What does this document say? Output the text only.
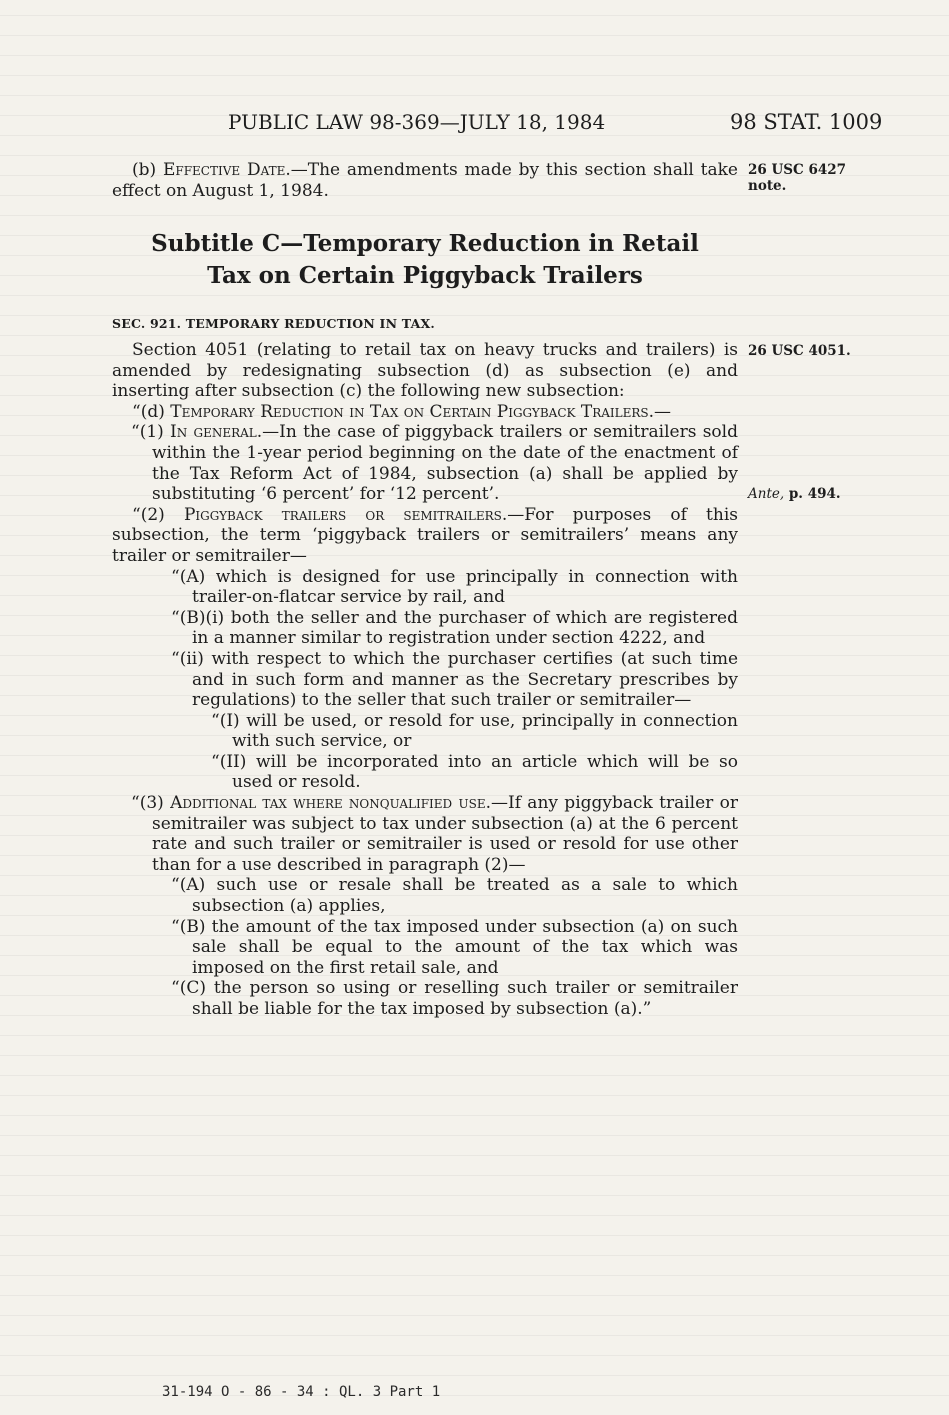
PUBLIC LAW 98-369—JULY 18, 1984	98 STAT. 1009

(b) Effective Date.—The amendments made by this section shall take effect on August 1, 1984.

26 USC 6427 note.
Subtitle C—Temporary Reduction in Retail
Tax on Certain Piggyback Trailers
SEC. 921. TEMPORARY REDUCTION IN TAX.
26 USC 4051.
Ante, p. 494.

Section 4051 (relating to retail tax on heavy trucks and trailers) is amended by redesignating subsection (d) as subsection (e) and inserting after subsection (c) the following new subsection:

“(d) Temporary Reduction in Tax on Certain Piggyback Trailers.—

“(1) In general.—In the case of piggyback trailers or semitrailers sold within the 1-year period beginning on the date of the enactment of the Tax Reform Act of 1984, subsection (a) shall be applied by substituting ‘6 percent’ for ‘12 percent’.

“(2) Piggyback trailers or semitrailers.—For purposes of this subsection, the term ‘piggyback trailers or semitrailers’ means any trailer or semitrailer—

“(A) which is designed for use principally in connection with trailer-on-flatcar service by rail, and

“(B)(i) both the seller and the purchaser of which are registered in a manner similar to registration under section 4222, and

“(ii) with respect to which the purchaser certifies (at such time and in such form and manner as the Secretary prescribes by regulations) to the seller that such trailer or semitrailer—

“(I) will be used, or resold for use, principally in connection with such service, or

“(II) will be incorporated into an article which will be so used or resold.

“(3) Additional tax where nonqualified use.—If any piggyback trailer or semitrailer was subject to tax under subsection (a) at the 6 percent rate and such trailer or semitrailer is used or resold for use other than for a use described in paragraph (2)—

“(A) such use or resale shall be treated as a sale to which subsection (a) applies,

“(B) the amount of the tax imposed under subsection (a) on such sale shall be equal to the amount of the tax which was imposed on the first retail sale, and

“(C) the person so using or reselling such trailer or semitrailer shall be liable for the tax imposed by subsection (a).”

31-194 O - 86 - 34 : QL. 3 Part 1
